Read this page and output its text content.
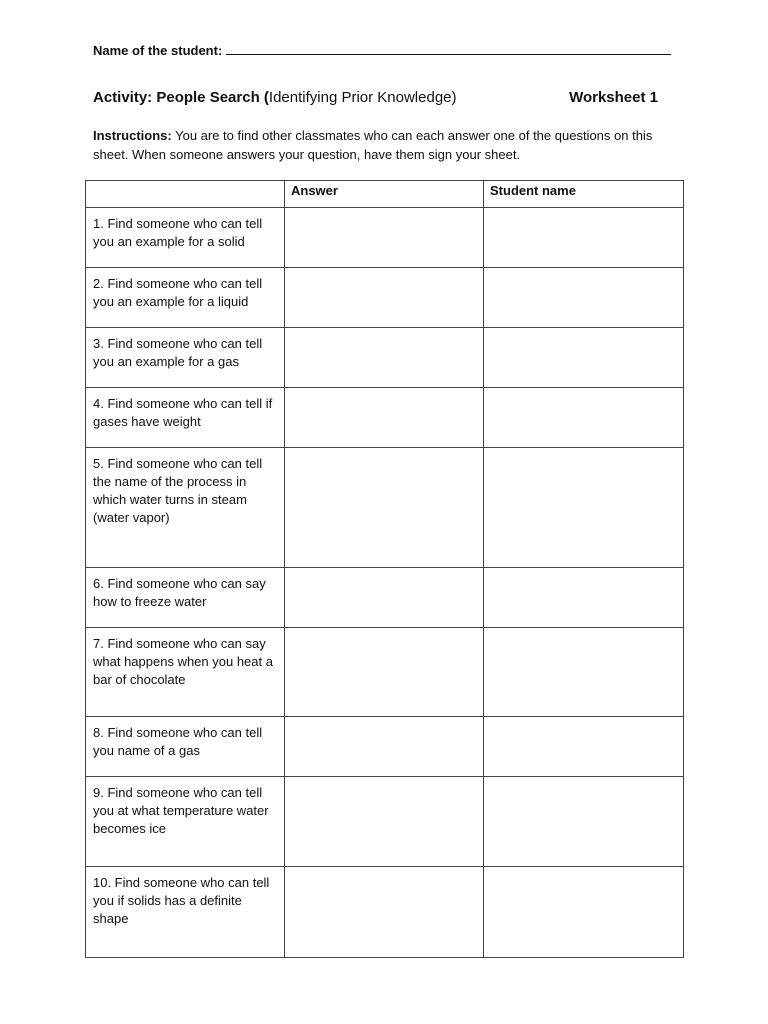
Name of the student:
Activity: People Search (Identifying Prior Knowledge)	Worksheet 1
Instructions: You are to find other classmates who can each answer one of the questions on this sheet. When someone answers your question, have them sign your sheet.
	Answer	Student name
1. Find someone who can tell you an example for a solid		
2. Find someone who can tell you an example for a liquid		
3. Find someone who can tell you an example for a gas		
4. Find someone who can tell if gases have weight		
5. Find someone who can tell the name of the process in which water turns in steam (water vapor)		
6. Find someone who can say how to freeze water		
7. Find someone who can say what happens when you heat a bar of chocolate		
8. Find someone who can tell you name of a gas		
9. Find someone who can tell you at what temperature water becomes ice		
10. Find someone who can tell you if solids has a definite shape		
